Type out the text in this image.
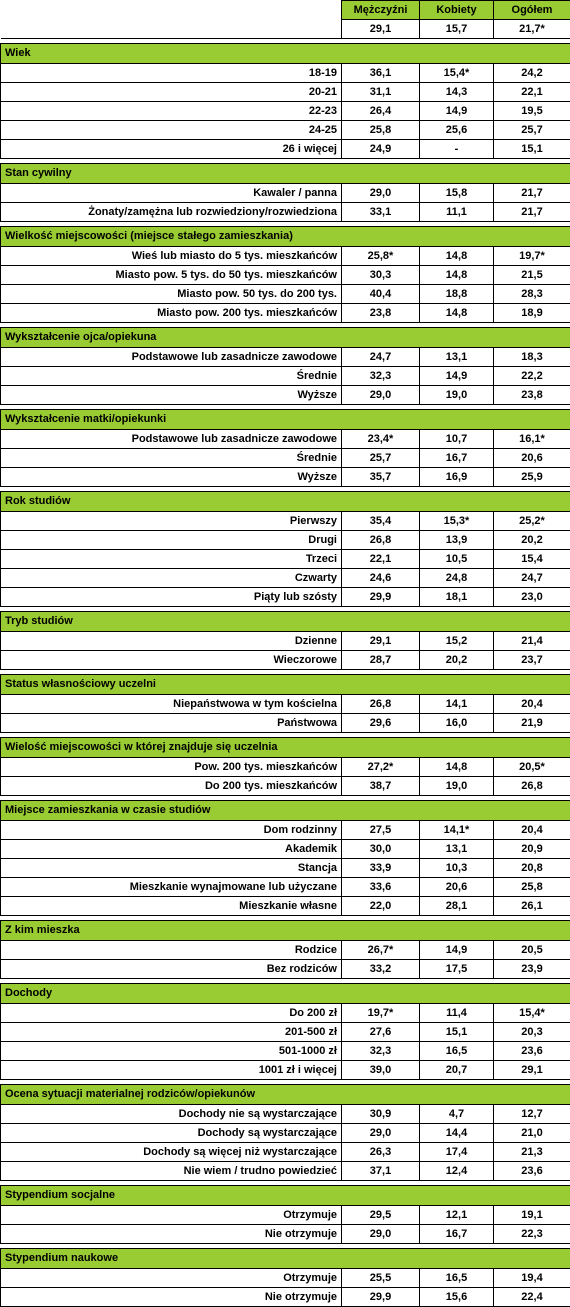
	Mężczyźni	Kobiety	Ogółem
	29,1	15,7	21,7*

Wiek			
18-19	36,1	15,4*	24,2
20-21	31,1	14,3	22,1
22-23	26,4	14,9	19,5
24-25	25,8	25,6	25,7
26 i więcej	24,9	-	15,1

Stan cywilny			
Kawaler / panna	29,0	15,8	21,7
Żonaty/zamężna lub rozwiedziony/rozwiedziona	33,1	11,1	21,7

Wielkość miejscowości (miejsce stałego zamieszkania)			
Wieś lub miasto do 5 tys. mieszkańców	25,8*	14,8	19,7*
Miasto pow. 5 tys. do 50 tys. mieszkańców	30,3	14,8	21,5
Miasto pow. 50 tys. do 200 tys.	40,4	18,8	28,3
Miasto pow. 200 tys. mieszkańców	23,8	14,8	18,9

Wykształcenie ojca/opiekuna			
Podstawowe lub zasadnicze zawodowe	24,7	13,1	18,3
Średnie	32,3	14,9	22,2
Wyższe	29,0	19,0	23,8

Wykształcenie matki/opiekunki			
Podstawowe lub zasadnicze zawodowe	23,4*	10,7	16,1*
Średnie	25,7	16,7	20,6
Wyższe	35,7	16,9	25,9

Rok studiów			
Pierwszy	35,4	15,3*	25,2*
Drugi	26,8	13,9	20,2
Trzeci	22,1	10,5	15,4
Czwarty	24,6	24,8	24,7
Piąty lub szósty	29,9	18,1	23,0

Tryb studiów			
Dzienne	29,1	15,2	21,4
Wieczorowe	28,7	20,2	23,7

Status własnościowy uczelni			
Niepaństwowa w tym kościelna	26,8	14,1	20,4
Państwowa	29,6	16,0	21,9

Wielość miejscowości w której znajduje się uczelnia			
Pow. 200 tys. mieszkańców	27,2*	14,8	20,5*
Do 200 tys. mieszkańców	38,7	19,0	26,8

Miejsce zamieszkania w czasie studiów			
Dom rodzinny	27,5	14,1*	20,4
Akademik	30,0	13,1	20,9
Stancja	33,9	10,3	20,8
Mieszkanie wynajmowane lub użyczane	33,6	20,6	25,8
Mieszkanie własne	22,0	28,1	26,1

Z kim mieszka			
Rodzice	26,7*	14,9	20,5
Bez rodziców	33,2	17,5	23,9

Dochody			
Do 200 zł	19,7*	11,4	15,4*
201-500 zł	27,6	15,1	20,3
501-1000 zł	32,3	16,5	23,6
1001 zł i więcej	39,0	20,7	29,1

Ocena sytuacji materialnej rodziców/opiekunów			
Dochody nie są wystarczające	30,9	4,7	12,7
Dochody są wystarczające	29,0	14,4	21,0
Dochody są więcej niż wystarczające	26,3	17,4	21,3
Nie wiem / trudno powiedzieć	37,1	12,4	23,6

Stypendium socjalne			
Otrzymuje	29,5	12,1	19,1
Nie otrzymuje	29,0	16,7	22,3

Stypendium naukowe			
Otrzymuje	25,5	16,5	19,4
Nie otrzymuje	29,9	15,6	22,4
